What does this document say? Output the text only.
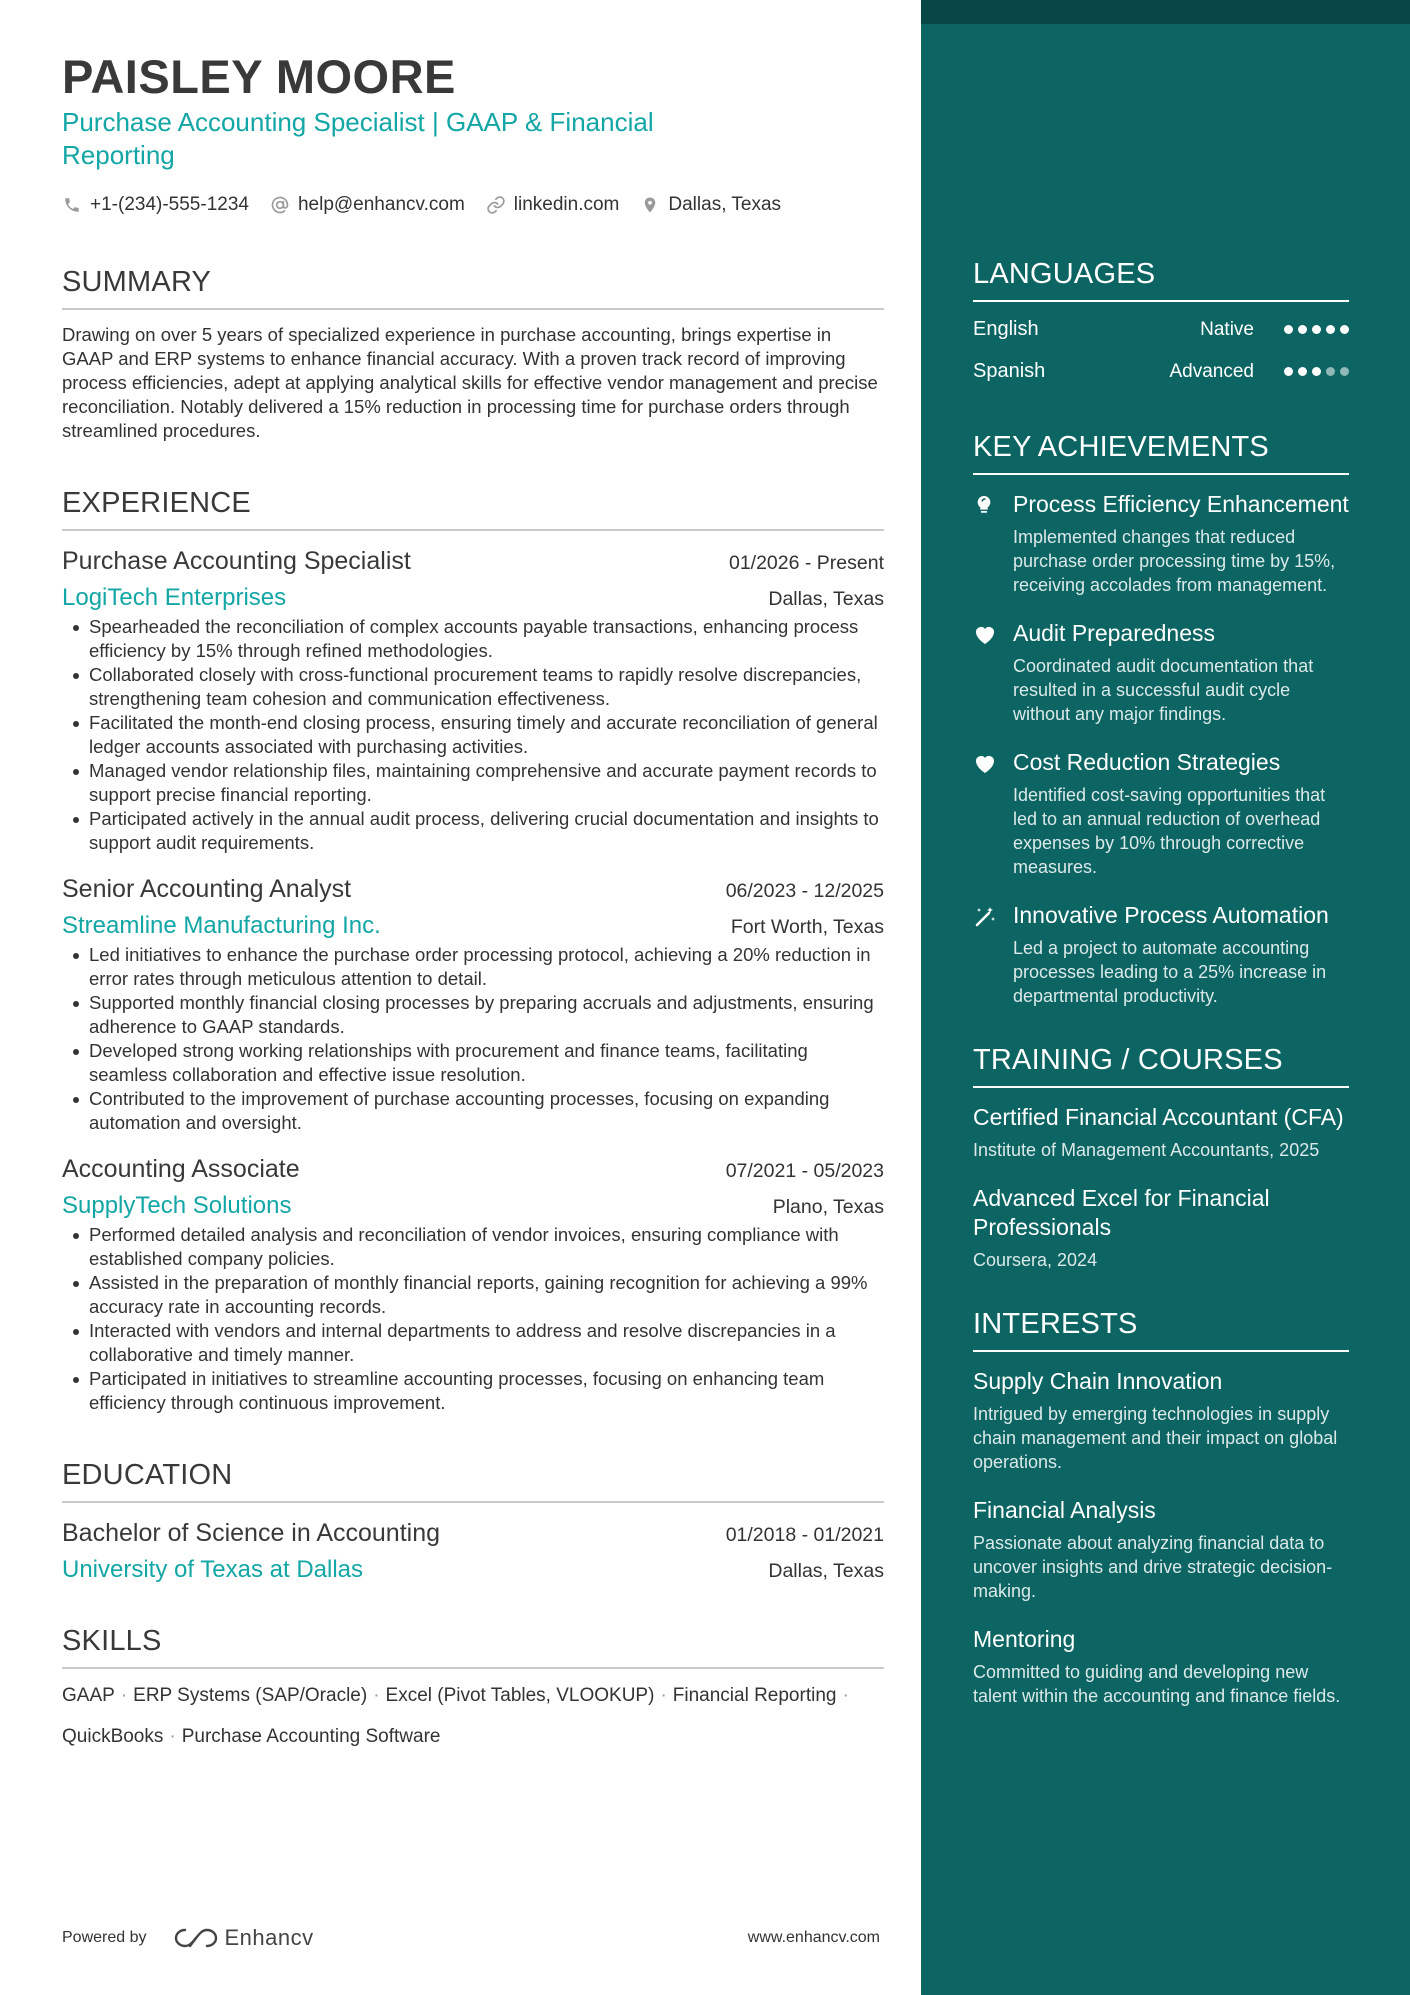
PAISLEY MOORE
Purchase Accounting Specialist | GAAP & Financial Reporting
+1-(234)-555-1234	help@enhancv.com	linkedin.com	Dallas, Texas
SUMMARY

Drawing on over 5 years of specialized experience in purchase accounting, brings expertise in GAAP and ERP systems to enhance financial accuracy. With a proven track record of improving process efficiencies, adept at applying analytical skills for effective vendor management and precise reconciliation. Notably delivered a 15% reduction in processing time for purchase orders through streamlined procedures.

EXPERIENCE
Purchase Accounting Specialist	01/2026 - Present
LogiTech Enterprises	Dallas, Texas
Spearheaded the reconciliation of complex accounts payable transactions, enhancing process efficiency by 15% through refined methodologies.
Collaborated closely with cross-functional procurement teams to rapidly resolve discrepancies, strengthening team cohesion and communication effectiveness.
Facilitated the month-end closing process, ensuring timely and accurate reconciliation of general ledger accounts associated with purchasing activities.
Managed vendor relationship files, maintaining comprehensive and accurate payment records to support precise financial reporting.
Participated actively in the annual audit process, delivering crucial documentation and insights to support audit requirements.
Senior Accounting Analyst	06/2023 - 12/2025
Streamline Manufacturing Inc.	Fort Worth, Texas
Led initiatives to enhance the purchase order processing protocol, achieving a 20% reduction in error rates through meticulous attention to detail.
Supported monthly financial closing processes by preparing accruals and adjustments, ensuring adherence to GAAP standards.
Developed strong working relationships with procurement and finance teams, facilitating seamless collaboration and effective issue resolution.
Contributed to the improvement of purchase accounting processes, focusing on expanding automation and oversight.
Accounting Associate	07/2021 - 05/2023
SupplyTech Solutions	Plano, Texas
Performed detailed analysis and reconciliation of vendor invoices, ensuring compliance with established company policies.
Assisted in the preparation of monthly financial reports, gaining recognition for achieving a 99% accuracy rate in accounting records.
Interacted with vendors and internal departments to address and resolve discrepancies in a collaborative and timely manner.
Participated in initiatives to streamline accounting processes, focusing on enhancing team efficiency through continuous improvement.
EDUCATION
Bachelor of Science in Accounting	01/2018 - 01/2021
University of Texas at Dallas	Dallas, Texas
SKILLS
GAAP · ERP Systems (SAP/Oracle) · Excel (Pivot Tables, VLOOKUP) · Financial Reporting ·
QuickBooks · Purchase Accounting Software
Powered by	Enhancv	www.enhancv.com
LANGUAGES
English	Native
Spanish	Advanced
KEY ACHIEVEMENTS
Process Efficiency Enhancement
Implemented changes that reduced purchase order processing time by 15%, receiving accolades from management.
Audit Preparedness
Coordinated audit documentation that resulted in a successful audit cycle without any major findings.
Cost Reduction Strategies
Identified cost-saving opportunities that led to an annual reduction of overhead expenses by 10% through corrective measures.
Innovative Process Automation
Led a project to automate accounting processes leading to a 25% increase in departmental productivity.
TRAINING / COURSES
Certified Financial Accountant (CFA)
Institute of Management Accountants, 2025
Advanced Excel for Financial Professionals
Coursera, 2024
INTERESTS
Supply Chain Innovation
Intrigued by emerging technologies in supply chain management and their impact on global operations.
Financial Analysis
Passionate about analyzing financial data to uncover insights and drive strategic decision-making.
Mentoring
Committed to guiding and developing new talent within the accounting and finance fields.
